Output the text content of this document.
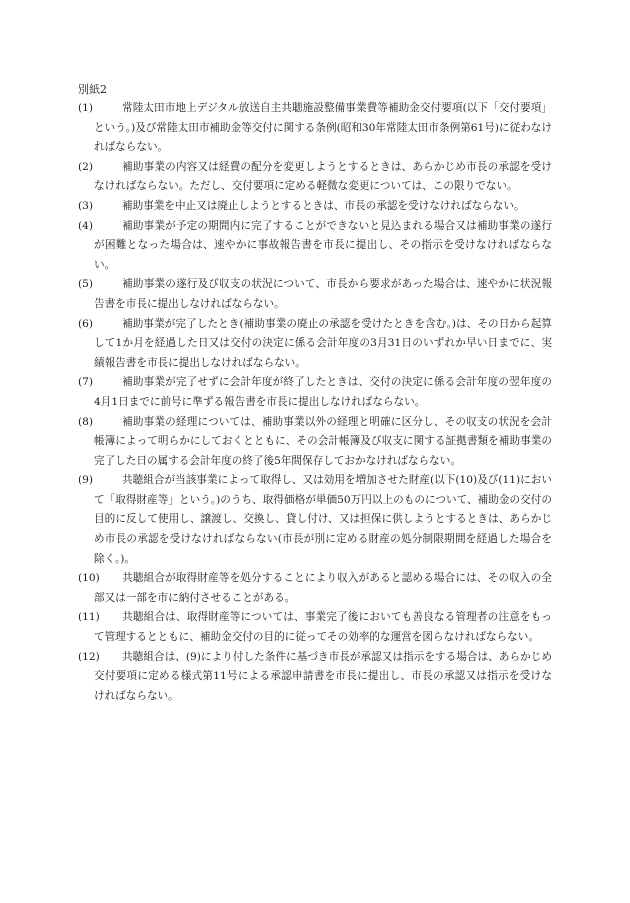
別紙2
(1)	常陸太田市地上デジタル放送自主共聴施設整備事業費等補助金交付要項(以下「交付要項」という。)及び常陸太田市補助金等交付に関する条例(昭和30年常陸太田市条例第61号)に従わなければならない。
(2)	補助事業の内容又は経費の配分を変更しようとするときは、あらかじめ市長の承認を受けなければならない。ただし、交付要項に定める軽微な変更については、この限りでない。
(3)	補助事業を中止又は廃止しようとするときは、市長の承認を受けなければならない。
(4)	補助事業が予定の期間内に完了することができないと見込まれる場合又は補助事業の遂行が困難となった場合は、速やかに事故報告書を市長に提出し、その指示を受けなければならない。
(5)	補助事業の遂行及び収支の状況について、市長から要求があった場合は、速やかに状況報告書を市長に提出しなければならない。
(6)	補助事業が完了したとき(補助事業の廃止の承認を受けたときを含む。)は、その日から起算して1か月を経過した日又は交付の決定に係る会計年度の3月31日のいずれか早い日までに、実績報告書を市長に提出しなければならない。
(7)	補助事業が完了せずに会計年度が終了したときは、交付の決定に係る会計年度の翌年度の4月1日までに前号に準ずる報告書を市長に提出しなければならない。
(8)	補助事業の経理については、補助事業以外の経理と明確に区分し、その収支の状況を会計帳簿によって明らかにしておくとともに、その会計帳簿及び収支に関する証拠書類を補助事業の完了した日の属する会計年度の終了後5年間保存しておかなければならない。
(9)	共聴組合が当該事業によって取得し、又は効用を増加させた財産(以下(10)及び(11)において「取得財産等」という。)のうち、取得価格が単価50万円以上のものについて、補助金の交付の目的に反して使用し、譲渡し、交換し、貸し付け、又は担保に供しようとするときは、あらかじめ市長の承認を受けなければならない(市長が別に定める財産の処分制限期間を経過した場合を除く。)。
(10) 共聴組合が取得財産等を処分することにより収入があると認める場合には、その収入の全部又は一部を市に納付させることがある。
(11) 共聴組合は、取得財産等については、事業完了後においても善良なる管理者の注意をもって管理するとともに、補助金交付の目的に従ってその効率的な運営を図らなければならない。
(12) 共聴組合は、(9)により付した条件に基づき市長が承認又は指示をする場合は、あらかじめ交付要項に定める様式第11号による承認申請書を市長に提出し、市長の承認又は指示を受けなければならない。
